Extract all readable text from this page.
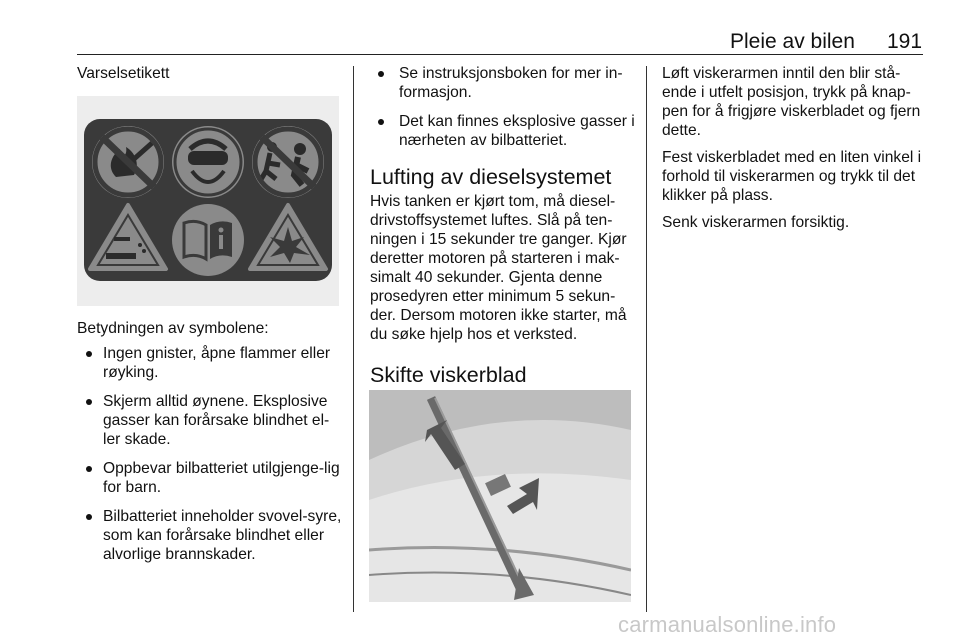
Pleie av bilen 191
Varselsetikett

Betydningen av symbolene:

Ingen gnister, åpne flammer eller røyking.
Skjerm alltid øynene. Eksplosive gasser kan forårsake blindhet el-ler skade.
Oppbevar bilbatteriet utilgjenge-lig for barn.
Bilbatteriet inneholder svovel-syre, som kan forårsake blindhet eller alvorlige brannskader.
Se instruksjonsboken for mer in-formasjon.
Det kan finnes eksplosive gasser i nærheten av bilbatteriet.
Lufting av dieselsystemet

Hvis tanken er kjørt tom, må diesel-drivstoffsystemet luftes. Slå på ten-ningen i 15 sekunder tre ganger. Kjør deretter motoren på starteren i mak-simalt 40 sekunder. Gjenta denne prosedyren etter minimum 5 sekun-der. Dersom motoren ikke starter, må du søke hjelp hos et verksted.

Skifte viskerblad

Løft viskerarmen inntil den blir stå-ende i utfelt posisjon, trykk på knap-pen for å frigjøre viskerbladet og fjern dette.

Fest viskerbladet med en liten vinkel i forhold til viskerarmen og trykk til det klikker på plass.

Senk viskerarmen forsiktig.

carmanualsonline.info
